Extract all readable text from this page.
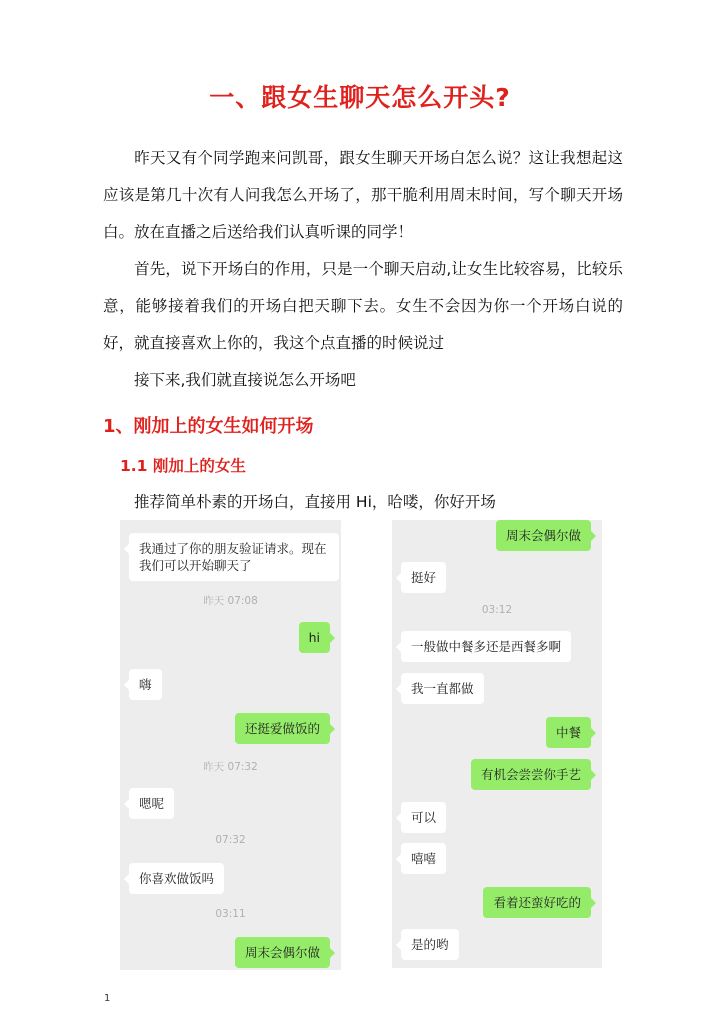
一、跟女生聊天怎么开头?

昨天又有个同学跑来问凯哥，跟女生聊天开场白怎么说？这让我想起这应该是第几十次有人问我怎么开场了，那干脆利用周末时间，写个聊天开场白。放在直播之后送给我们认真听课的同学！

首先，说下开场白的作用，只是一个聊天启动,让女生比较容易，比较乐意，能够接着我们的开场白把天聊下去。女生不会因为你一个开场白说的好，就直接喜欢上你的，我这个点直播的时候说过

接下来,我们就直接说怎么开场吧

1、刚加上的女生如何开场
1.1 刚加上的女生
推荐简单朴素的开场白，直接用 Hi，哈喽，你好开场
我通过了你的朋友验证请求。现在我们可以开始聊天了
昨天 07:08
hi
嗨
还挺爱做饭的
昨天 07:32
嗯呢
07:32
你喜欢做饭吗
03:11
周末会偶尔做
周末会偶尔做
挺好
03:12
一般做中餐多还是西餐多啊
我一直都做
中餐
有机会尝尝你手艺
可以
嘻嘻
看着还蛮好吃的
是的哟
1
